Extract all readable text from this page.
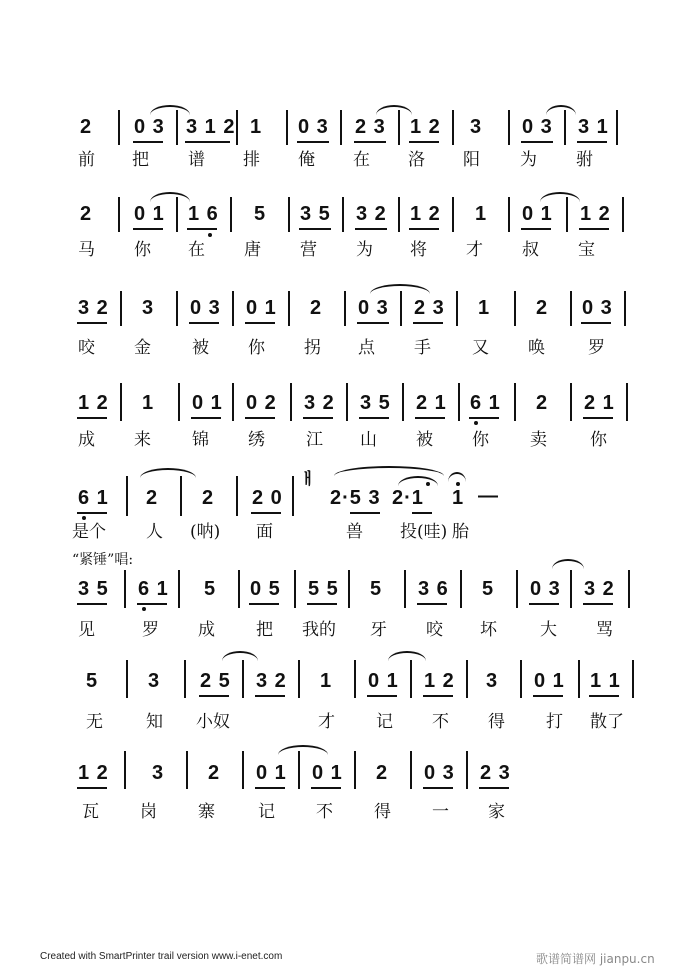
2 0 3 3 1 2 1 0 3 2 3 1 2 3 0 3 3 1
前 把 谱 排 俺 在 洛 阳 为 驸
2 0 1 1 6 5 3 5 3 2 1 2 1 0 1 1 2
马 你 在 唐 营 为 将 才 叔 宝
3 2 3 0 3 0 1 2 0 3 2 3 1 2 0 3
咬 金 被 你 拐 点 手 又 唤	罗
1 2 1 0 1 0 2 3 2 3 5 2 1 6 1 2 2 1
成 来 锦 绣 江 山 被 你 卖	你
6 1 2 2 2 0
ㅐ
2·5 3 2·1 1 —
是个 人 (呐) 面	兽 投(哇) 胎
“紧锤”唱:
3 5 6 1 5 0 5 5 5 5 3 6 5 0 3 3 2
见	罗 成 把 我的 牙 咬 坏	大 骂
5 3 2 5 3 2 1 0 1 1 2 3 0 1 1 1
无	知 小奴	才 记 不 得 打 散了
1 2 3 2 0 1 0 1 2 0 3 2 3
瓦 岗 寨	记 不 得 一 家
Created with SmartPrinter trail version www.i-enet.com	歌谱简谱网 jianpu.cn
